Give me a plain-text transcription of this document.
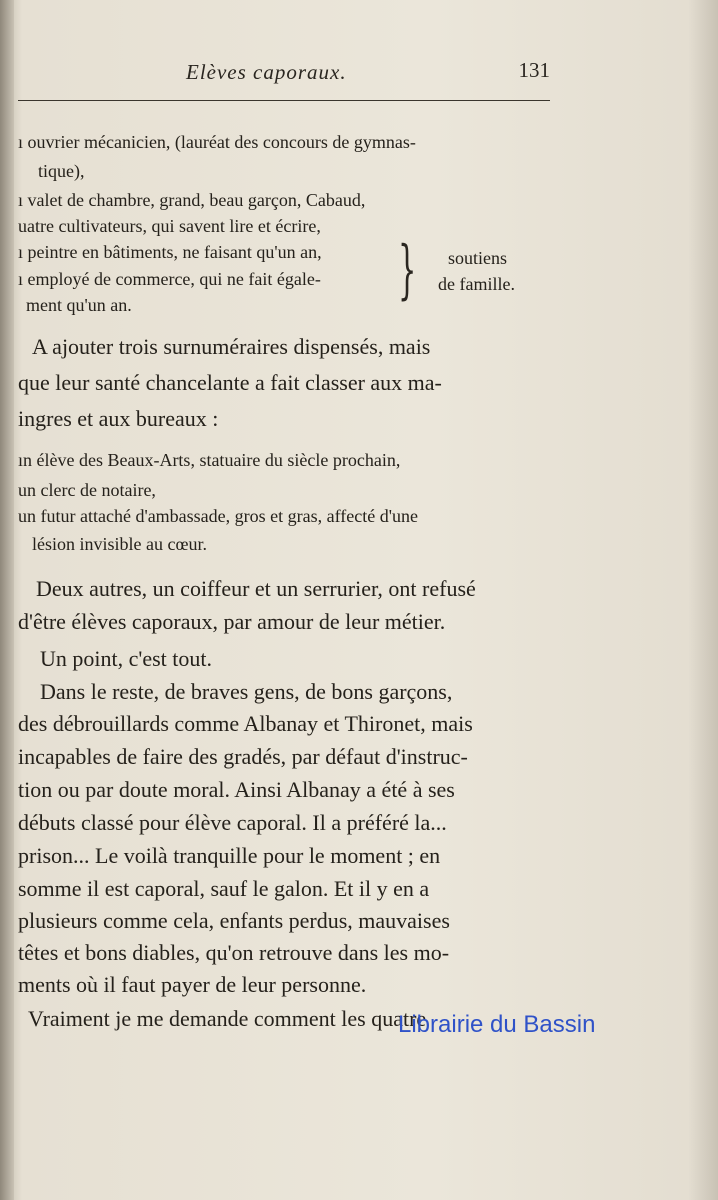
Elèves caporaux.	131
ı ouvrier mécanicien, (lauréat des concours de gymnas-
tique),
ı valet de chambre, grand, beau garçon, Cabaud,
uatre cultivateurs, qui savent lire et écrire,
ı peintre en bâtiments, ne faisant qu'un an,
ı employé de commerce, qui ne fait égale-
ment qu'un an.	} soutiens
de famille.
A ajouter trois surnuméraires dispensés, mais
que leur santé chancelante a fait classer aux ma-
ingres et aux bureaux :
ın élève des Beaux-Arts, statuaire du siècle prochain,
un clerc de notaire,
un futur attaché d'ambassade, gros et gras, affecté d'une
lésion invisible au cœur.
Deux autres, un coiffeur et un serrurier, ont refusé
d'être élèves caporaux, par amour de leur métier.
Un point, c'est tout.
Dans le reste, de braves gens, de bons garçons,
des débrouillards comme Albanay et Thironet, mais
incapables de faire des gradés, par défaut d'instruc-
tion ou par doute moral. Ainsi Albanay a été à ses
débuts classé pour élève caporal. Il a préféré la...
prison... Le voilà tranquille pour le moment ; en
somme il est caporal, sauf le galon. Et il y en a
plusieurs comme cela, enfants perdus, mauvaises
têtes et bons diables, qu'on retrouve dans les mo-
ments où il faut payer de leur personne.
Vraiment je me demande comment les quatre
Librairie du Bassin
